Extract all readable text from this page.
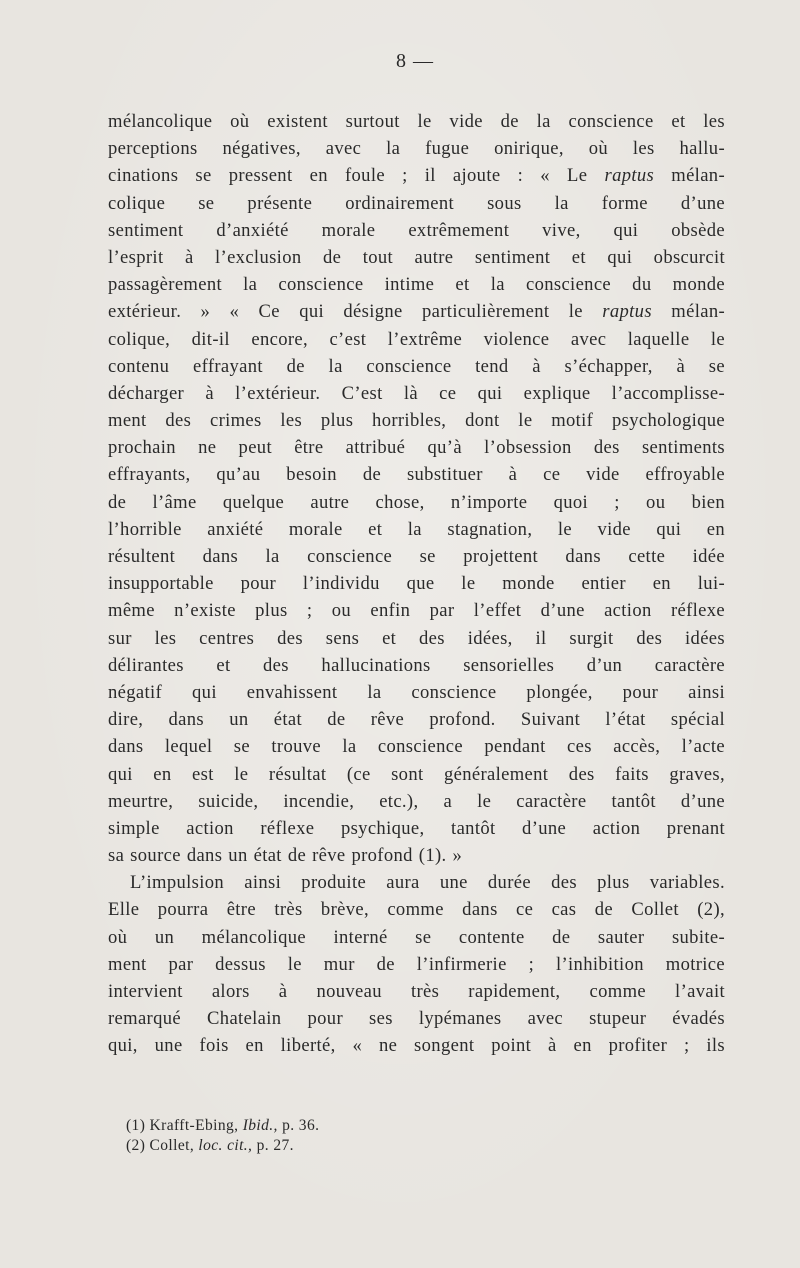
8 —
mélancolique où existent surtout le vide de la conscience et les
perceptions négatives, avec la fugue onirique, où les hallu-
cinations se pressent en foule ; il ajoute : « Le raptus mélan-
colique se présente ordinairement sous la forme d’une
sentiment d’anxiété morale extrêmement vive, qui obsède
l’esprit à l’exclusion de tout autre sentiment et qui obscurcit
passagèrement la conscience intime et la conscience du monde
extérieur. » « Ce qui désigne particulièrement le raptus mélan-
colique, dit-il encore, c’est l’extrême violence avec laquelle le
contenu effrayant de la conscience tend à s’échapper, à se
décharger à l’extérieur. C’est là ce qui explique l’accomplisse-
ment des crimes les plus horribles, dont le motif psychologique
prochain ne peut être attribué qu’à l’obsession des sentiments
effrayants, qu’au besoin de substituer à ce vide effroyable
de l’âme quelque autre chose, n’importe quoi ; ou bien
l’horrible anxiété morale et la stagnation, le vide qui en
résultent dans la conscience se projettent dans cette idée
insupportable pour l’individu que le monde entier en lui-
même n’existe plus ; ou enfin par l’effet d’une action réflexe
sur les centres des sens et des idées, il surgit des idées
délirantes et des hallucinations sensorielles d’un caractère
négatif qui envahissent la conscience plongée, pour ainsi
dire, dans un état de rêve profond. Suivant l’état spécial
dans lequel se trouve la conscience pendant ces accès, l’acte
qui en est le résultat (ce sont généralement des faits graves,
meurtre, suicide, incendie, etc.), a le caractère tantôt d’une
simple action réflexe psychique, tantôt d’une action prenant
sa source dans un état de rêve profond (1). »
L’impulsion ainsi produite aura une durée des plus variables.
Elle pourra être très brève, comme dans ce cas de Collet (2),
où un mélancolique interné se contente de sauter subite-
ment par dessus le mur de l’infirmerie ; l’inhibition motrice
intervient alors à nouveau très rapidement, comme l’avait
remarqué Chatelain pour ses lypémanes avec stupeur évadés
qui, une fois en liberté, « ne songent point à en profiter ; ils
(1) Krafft-Ebing, Ibid., p. 36.
(2) Collet, loc. cit., p. 27.
